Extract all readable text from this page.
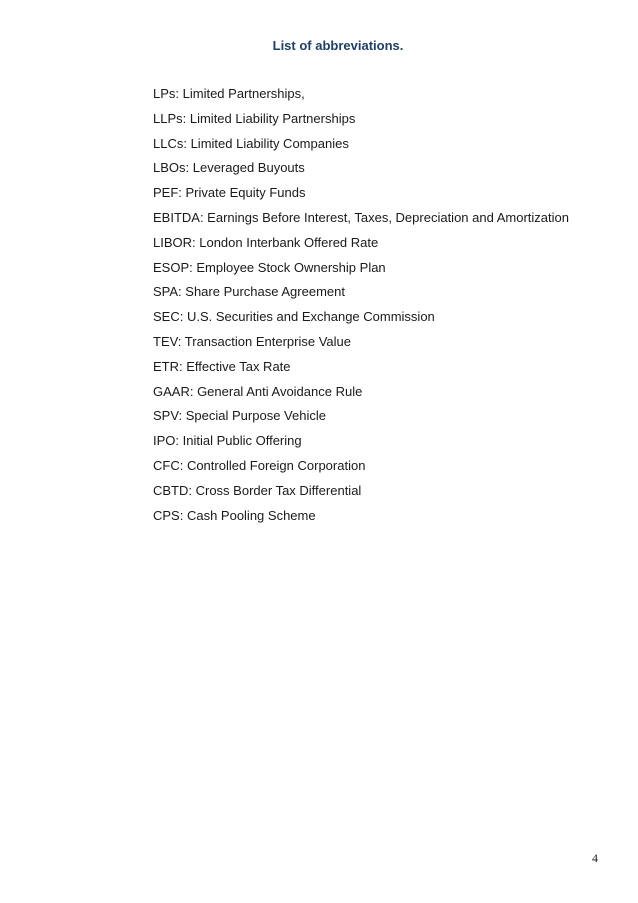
List of abbreviations.
LPs: Limited Partnerships,
LLPs: Limited Liability Partnerships
LLCs: Limited Liability Companies
LBOs: Leveraged Buyouts
PEF: Private Equity Funds
EBITDA: Earnings Before Interest, Taxes, Depreciation and Amortization
LIBOR: London Interbank Offered Rate
ESOP: Employee Stock Ownership Plan
SPA: Share Purchase Agreement
SEC: U.S. Securities and Exchange Commission
TEV: Transaction Enterprise Value
ETR: Effective Tax Rate
GAAR: General Anti Avoidance Rule
SPV: Special Purpose Vehicle
IPO: Initial Public Offering
CFC: Controlled Foreign Corporation
CBTD: Cross Border Tax Differential
CPS: Cash Pooling Scheme
4
